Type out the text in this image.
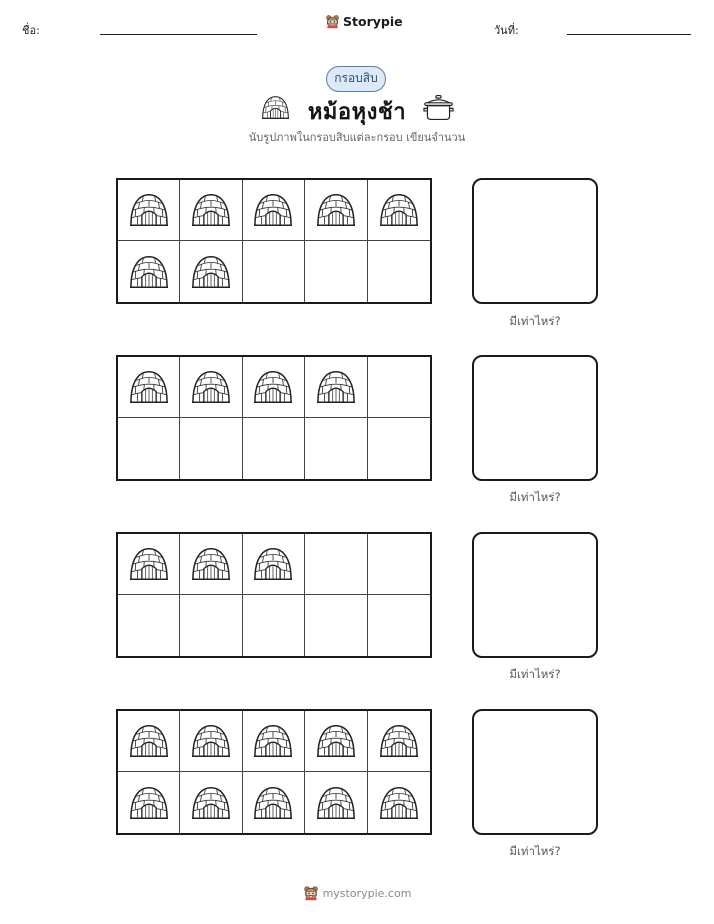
ชื่อ:
Storypie
วันที่:
กรอบสิบ
หม้อหุงช้า
นับรูปภาพในกรอบสิบแต่ละกรอบ เขียนจำนวน
มีเท่าไหร่?
มีเท่าไหร่?
มีเท่าไหร่?
มีเท่าไหร่?
mystorypie.com
